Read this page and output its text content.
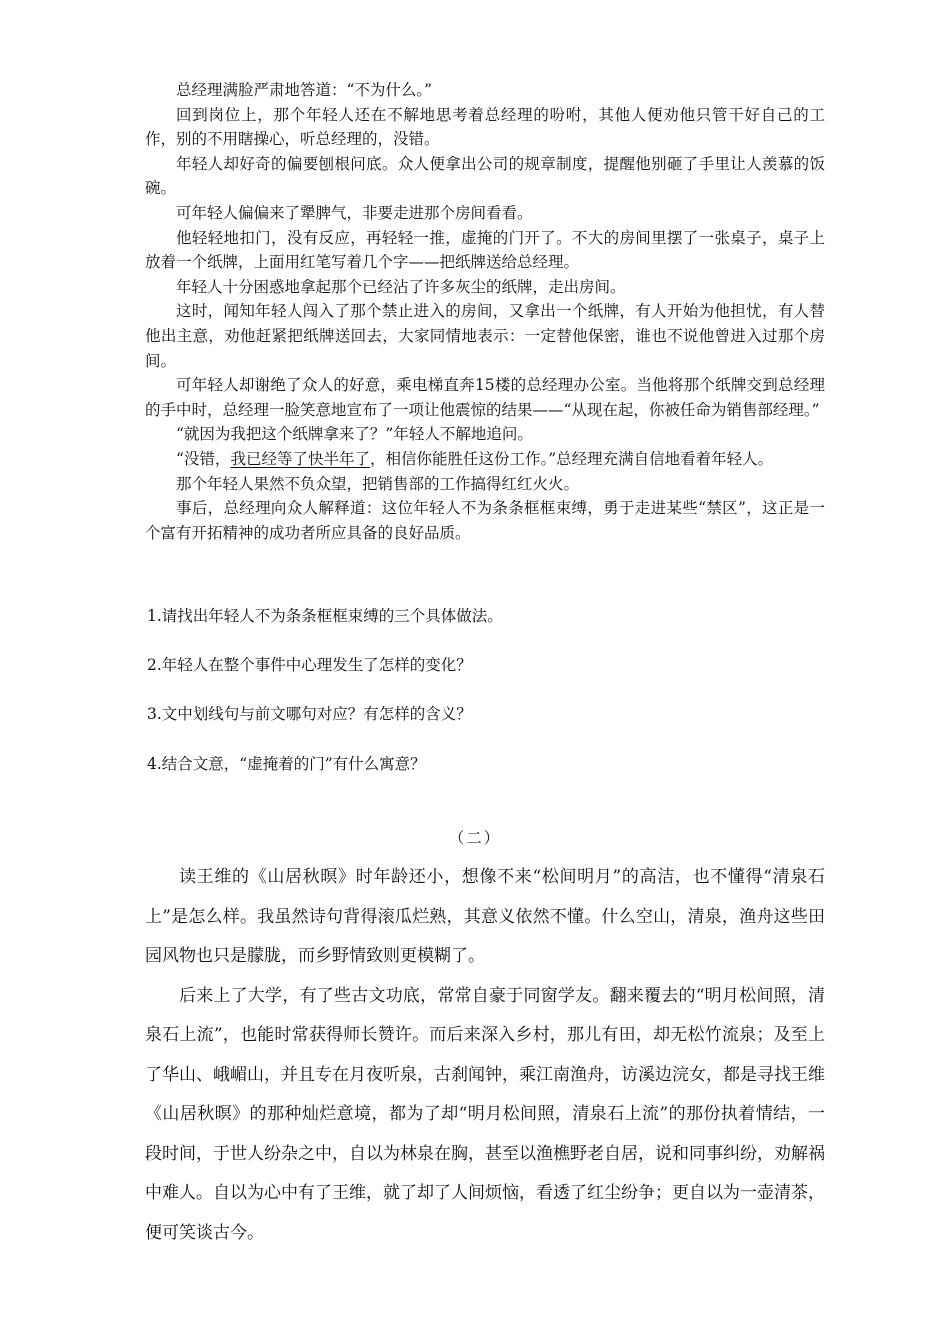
总经理满脸严肃地答道：“不为什么。”

回到岗位上，那个年轻人还在不解地思考着总经理的吩咐，其他人便劝他只管干好自己的工作，别的不用瞎操心，听总经理的，没错。

年轻人却好奇的偏要刨根问底。众人便拿出公司的规章制度，提醒他别砸了手里让人羡慕的饭碗。

可年轻人偏偏来了犟脾气，非要走进那个房间看看。

他轻轻地扣门，没有反应，再轻轻一推，虚掩的门开了。不大的房间里摆了一张桌子，桌子上放着一个纸牌，上面用红笔写着几个字——把纸牌送给总经理。

年轻人十分困惑地拿起那个已经沾了许多灰尘的纸牌，走出房间。

这时，闻知年轻人闯入了那个禁止进入的房间，又拿出一个纸牌，有人开始为他担忧，有人替他出主意，劝他赶紧把纸牌送回去，大家同情地表示：一定替他保密，谁也不说他曾进入过那个房间。

可年轻人却谢绝了众人的好意，乘电梯直奔15楼的总经理办公室。当他将那个纸牌交到总经理的手中时，总经理一脸笑意地宣布了一项让他震惊的结果——“从现在起，你被任命为销售部经理。”

“就因为我把这个纸牌拿来了？”年轻人不解地追问。

“没错，我已经等了快半年了，相信你能胜任这份工作。”总经理充满自信地看着年轻人。

那个年轻人果然不负众望，把销售部的工作搞得红红火火。

事后，总经理向众人解释道：这位年轻人不为条条框框束缚，勇于走进某些“禁区”，这正是一个富有开拓精神的成功者所应具备的良好品质。

1.请找出年轻人不为条条框框束缚的三个具体做法。

2.年轻人在整个事件中心理发生了怎样的变化？

3.文中划线句与前文哪句对应？有怎样的含义？

4.结合文意，“虚掩着的门”有什么寓意？

（二）

读王维的《山居秋暝》时年龄还小，想像不来“松间明月”的高洁，也不懂得“清泉石上”是怎么样。我虽然诗句背得滚瓜烂熟，其意义依然不懂。什么空山，清泉，渔舟这些田园风物也只是朦胧，而乡野情致则更模糊了。

后来上了大学，有了些古文功底，常常自豪于同窗学友。翻来覆去的“明月松间照，清泉石上流”，也能时常获得师长赞许。而后来深入乡村，那儿有田，却无松竹流泉；及至上了华山、峨嵋山，并且专在月夜听泉，古刹闻钟，乘江南渔舟，访溪边浣女，都是寻找王维《山居秋暝》的那种灿烂意境，都为了却“明月松间照，清泉石上流”的那份执着情结，一段时间，于世人纷杂之中，自以为林泉在胸，甚至以渔樵野老自居，说和同事纠纷，劝解祸中难人。自以为心中有了王维，就了却了人间烦恼，看透了红尘纷争；更自以为一壶清茶，便可笑谈古今。
